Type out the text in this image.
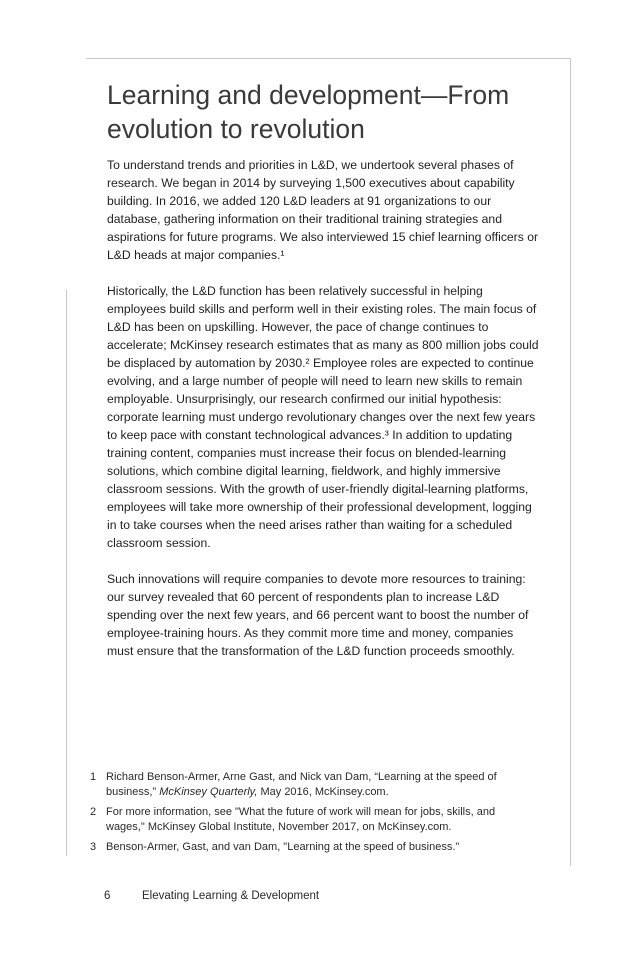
Learning and development—From evolution to revolution

To understand trends and priorities in L&D, we undertook several phases of research. We began in 2014 by surveying 1,500 executives about capability building. In 2016, we added 120 L&D leaders at 91 organizations to our database, gathering information on their traditional training strategies and aspirations for future programs. We also interviewed 15 chief learning officers or L&D heads at major companies.¹

Historically, the L&D function has been relatively successful in helping employees build skills and perform well in their existing roles. The main focus of L&D has been on upskilling. However, the pace of change continues to accelerate; McKinsey research estimates that as many as 800 million jobs could be displaced by automation by 2030.² Employee roles are expected to continue evolving, and a large number of people will need to learn new skills to remain employable. Unsurprisingly, our research confirmed our initial hypothesis: corporate learning must undergo revolutionary changes over the next few years to keep pace with constant technological advances.³ In addition to updating training content, companies must increase their focus on blended-learning solutions, which combine digital learning, fieldwork, and highly immersive classroom sessions. With the growth of user-friendly digital-learning platforms, employees will take more ownership of their professional development, logging in to take courses when the need arises rather than waiting for a scheduled classroom session.

Such innovations will require companies to devote more resources to training: our survey revealed that 60 percent of respondents plan to increase L&D spending over the next few years, and 66 percent want to boost the number of employee-training hours. As they commit more time and money, companies must ensure that the transformation of the L&D function proceeds smoothly.

1 Richard Benson-Armer, Arne Gast, and Nick van Dam, “Learning at the speed of business,” McKinsey Quarterly, May 2016, McKinsey.com.
2 For more information, see "What the future of work will mean for jobs, skills, and wages," McKinsey Global Institute, November 2017, on McKinsey.com.
3 Benson-Armer, Gast, and van Dam, "Learning at the speed of business."
6	Elevating Learning & Development
